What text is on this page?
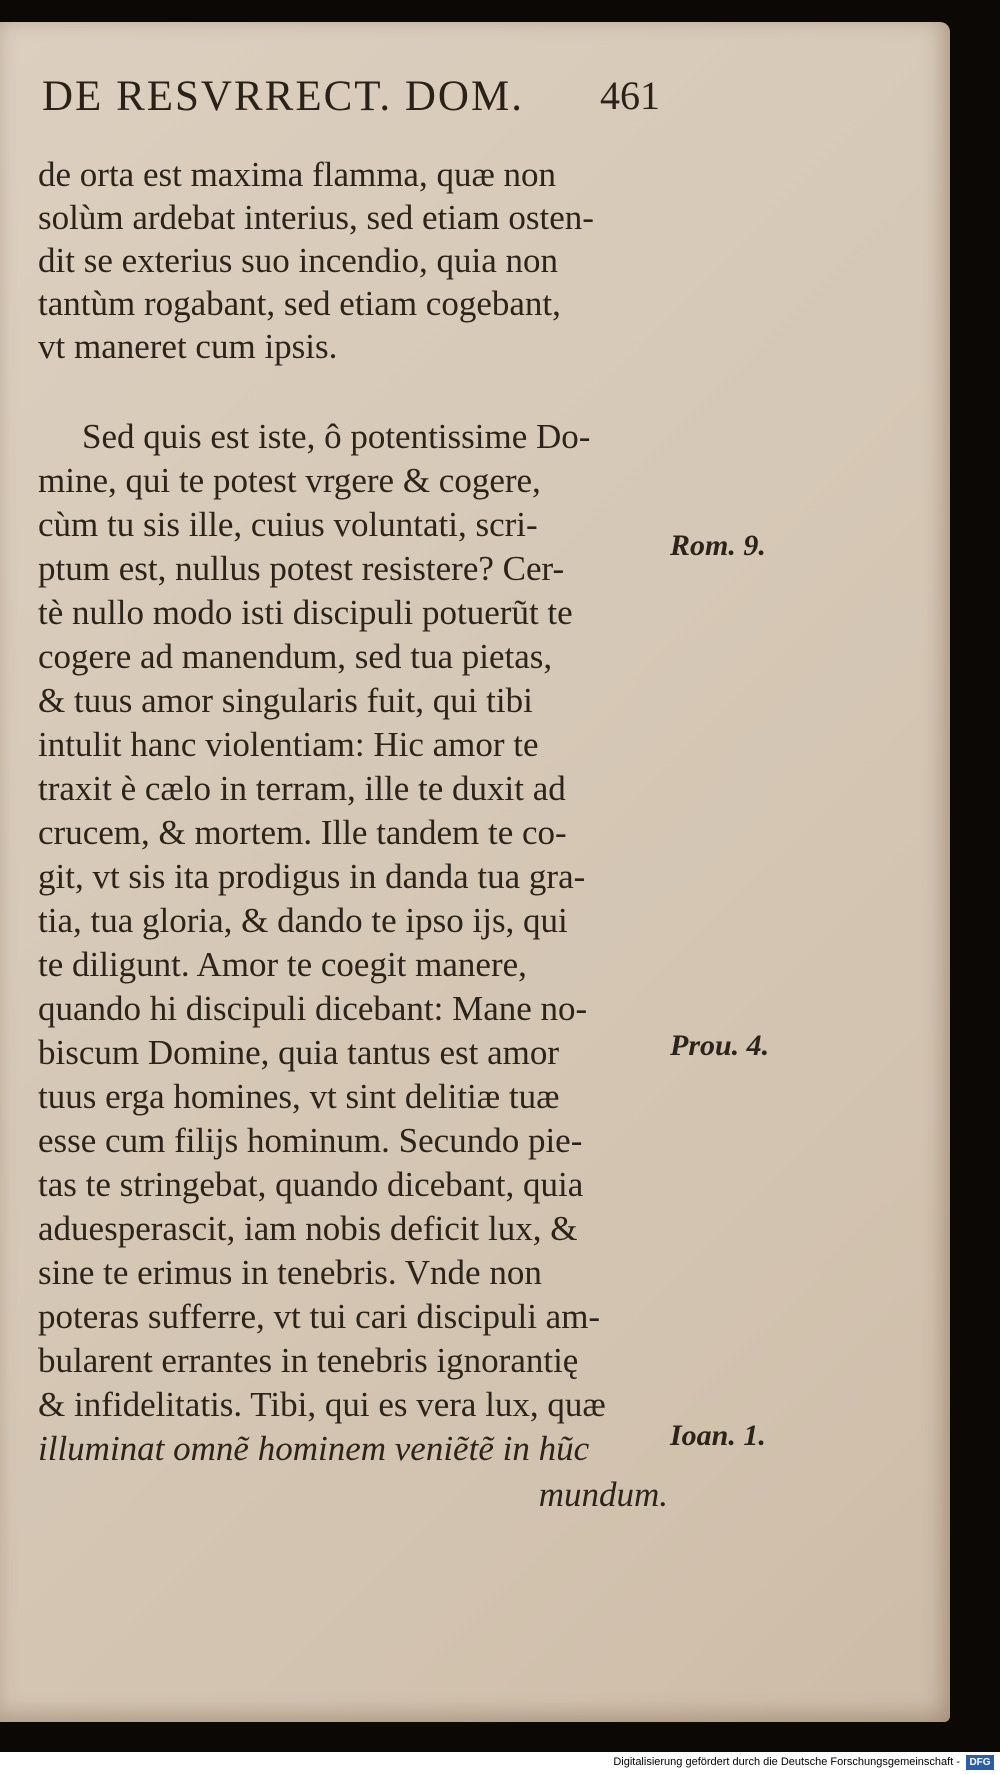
DE RESVRRECT. DOM. 461
de orta est maxima flamma, quæ non
solùm ardebat interius, sed etiam osten-
dit se exterius suo incendio, quia non
tantùm rogabant, sed etiam cogebant,
vt maneret cum ipsis.
Sed quis est iste, ô potentissime Do-
mine, qui te potest vrgere & cogere,
cùm tu sis ille, cuius voluntati, scri-
ptum est, nullus potest resistere? Cer-
tè nullo modo isti discipuli potuerũt te
cogere ad manendum, sed tua pietas,
& tuus amor singularis fuit, qui tibi
intulit hanc violentiam: Hic amor te
traxit è cælo in terram, ille te duxit ad
crucem, & mortem. Ille tandem te co-
git, vt sis ita prodigus in danda tua gra-
tia, tua gloria, & dando te ipso ijs, qui
te diligunt. Amor te coegit manere,
quando hi discipuli dicebant: Mane no-
biscum Domine, quia tantus est amor
tuus erga homines, vt sint delitiæ tuæ
esse cum filijs hominum. Secundo pie-
tas te stringebat, quando dicebant, quia
aduesperascit, iam nobis deficit lux, &
sine te erimus in tenebris. Vnde non
poteras sufferre, vt tui cari discipuli am-
bularent errantes in tenebris ignorantię
& infidelitatis. Tibi, qui es vera lux, quæ
illuminat omnẽ hominem veniẽtẽ in hũc
mundum.
Rom. 9.
Prou. 4.
Ioan. 1.
Digitalisierung gefördert durch die Deutsche Forschungsgemeinschaft - DFG
